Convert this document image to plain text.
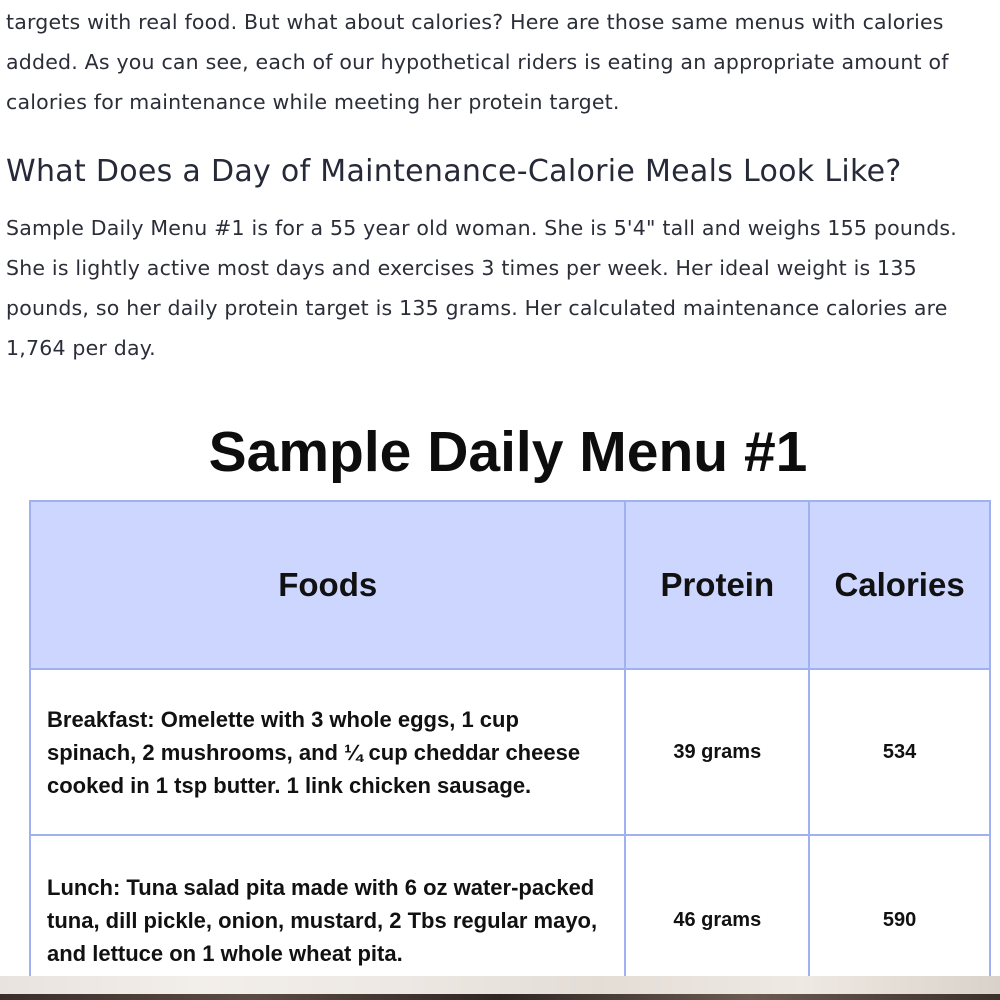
targets with real food. But what about calories? Here are those same menus with calories added. As you can see, each of our hypothetical riders is eating an appropriate amount of calories for maintenance while meeting her protein target.

What Does a Day of Maintenance-Calorie Meals Look Like?

Sample Daily Menu #1 is for a 55 year old woman. She is 5'4" tall and weighs 155 pounds. She is lightly active most days and exercises 3 times per week. Her ideal weight is 135 pounds, so her daily protein target is 135 grams. Her calculated maintenance calories are 1,764 per day.

Sample Daily Menu #1
Foods	Protein	Calories
Breakfast: Omelette with 3 whole eggs, 1 cup spinach, 2 mushrooms, and ¼ cup cheddar cheese cooked in 1 tsp butter. 1 link chicken sausage.	39 grams	534
Lunch: Tuna salad pita made with 6 oz water-packed tuna, dill pickle, onion, mustard, 2 Tbs regular mayo, and lettuce on 1 whole wheat pita.	46 grams	590
